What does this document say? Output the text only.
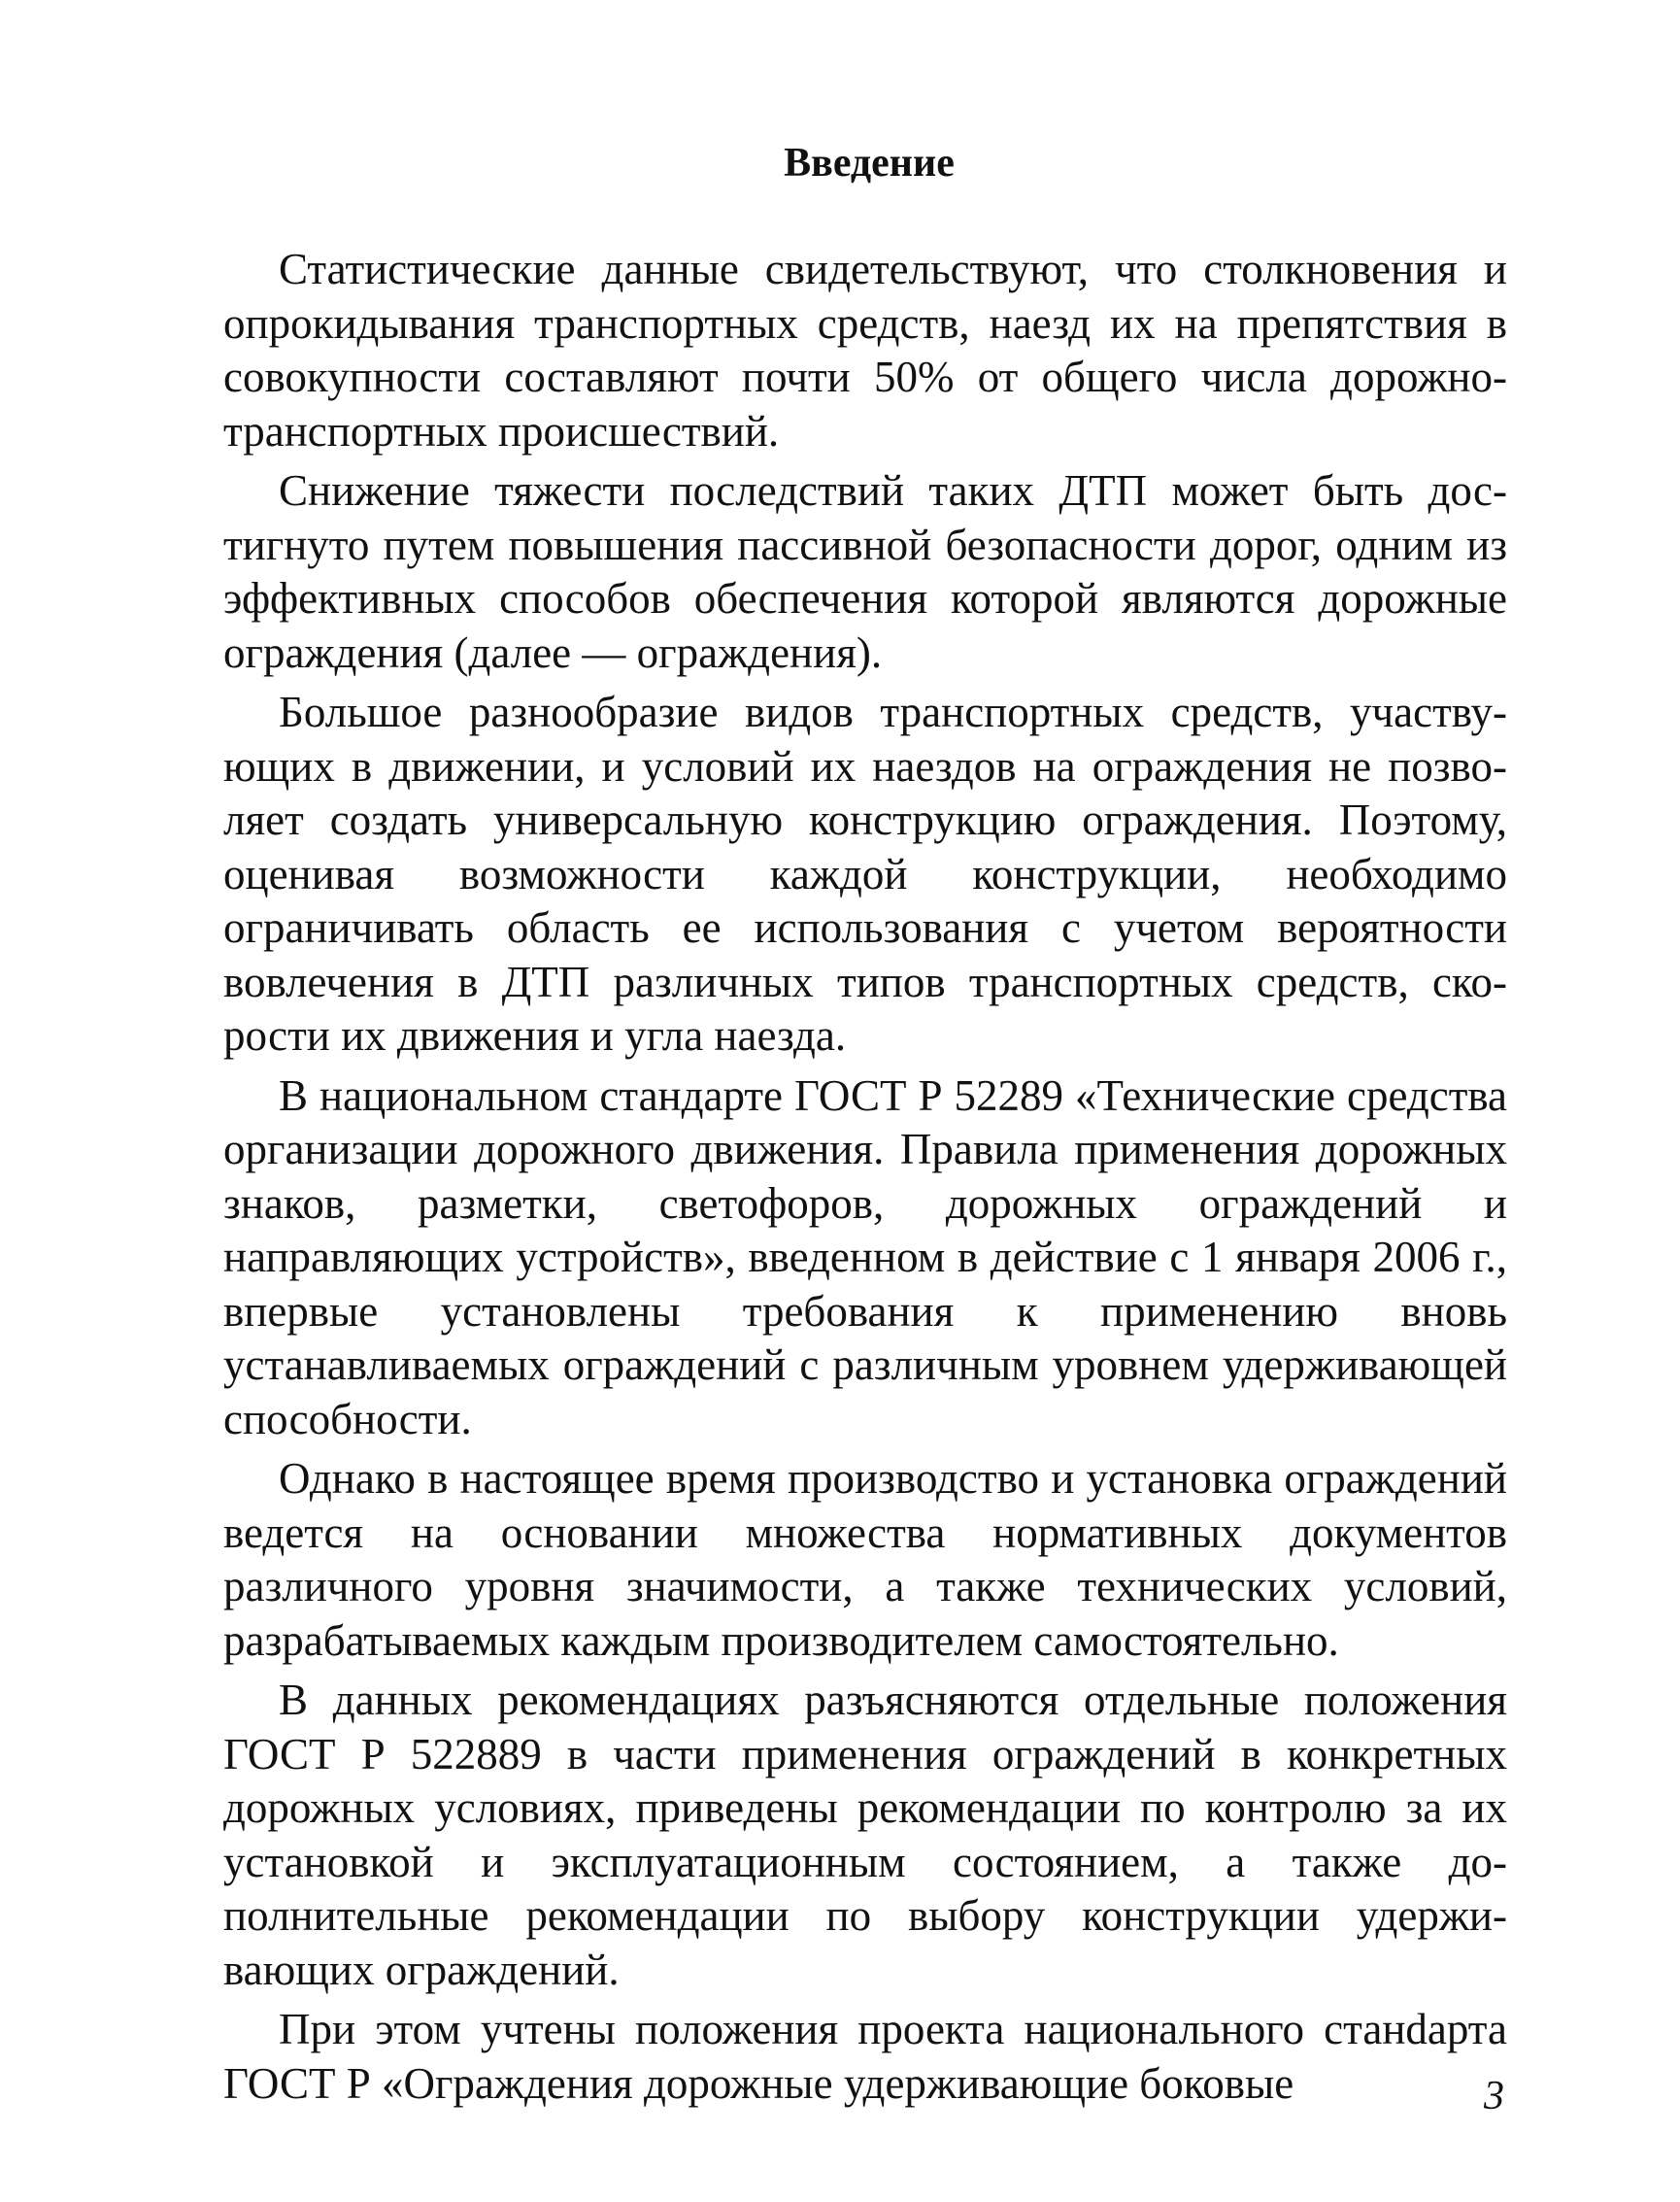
Введение

Статистические данные свидетельствуют, что столкновения и опрокидывания транспортных средств, наезд их на препятствия в совокупности составляют почти 50% от общего числа дорожно-транспортных происшествий.

Снижение тяжести последствий таких ДТП может быть достигнуто путем повышения пассивной безопасности дорог, одним из эффективных способов обеспечения которой являются дорожные ограждения (далее — ограждения).

Большое разнообразие видов транспортных средств, участвующих в движении, и условий их наездов на ограждения не позволяет создать универсальную конструкцию ограждения. Поэтому, оценивая возможности каждой конструкции, необходимо ограничивать область ее использования с учетом вероятности вовлечения в ДТП различных типов транспортных средств, скорости их движения и угла наезда.

В национальном стандарте ГОСТ Р 52289 «Технические средства организации дорожного движения. Правила применения дорожных знаков, разметки, светофоров, дорожных ограждений и направляющих устройств», введенном в действие с 1 января 2006 г., впервые установлены требования к применению вновь устанавливаемых ограждений с различным уровнем удерживающей способности.

Однако в настоящее время производство и установка ограждений ведется на основании множества нормативных документов различного уровня значимости, а также технических условий, разрабатываемых каждым производителем самостоятельно.

В данных рекомендациях разъясняются отдельные положения ГОСТ Р 522889 в части применения ограждений в конкретных дорожных условиях, приведены рекомендации по контролю за их установкой и эксплуатационным состоянием, а также дополнительные рекомендации по выбору конструкции удерживающих ограждений.

При этом учтены положения проекта национального станdарта ГОСТ Р «Ограждения дорожные удерживающие боковые	3
